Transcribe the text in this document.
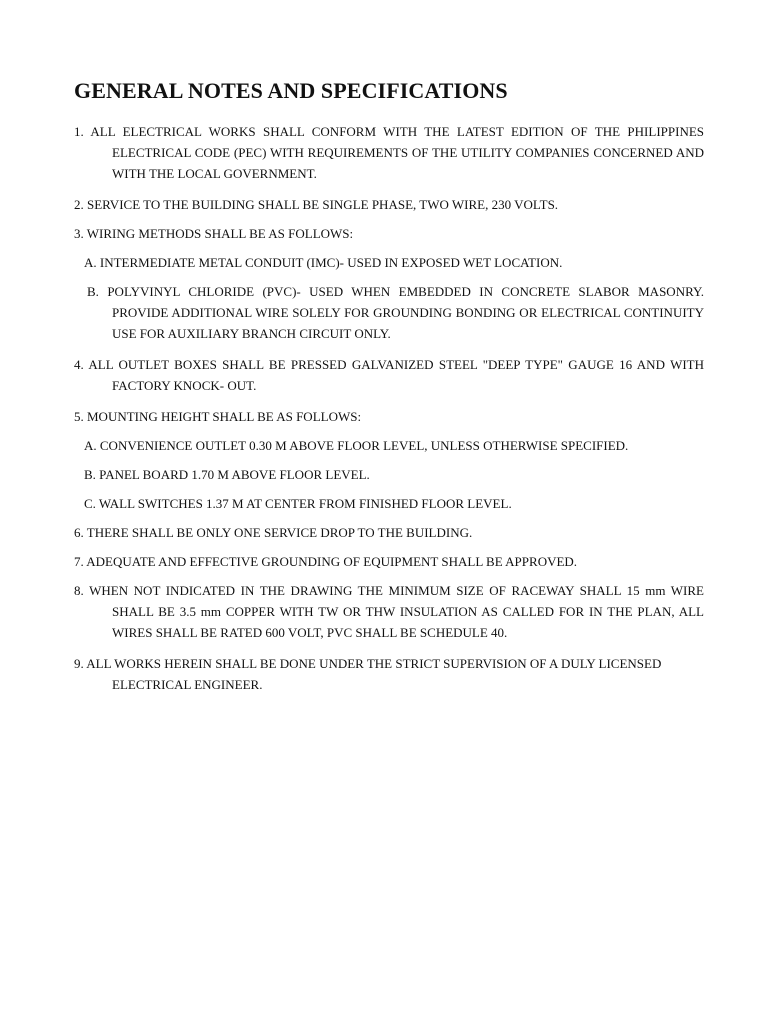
GENERAL NOTES AND SPECIFICATIONS

1. ALL ELECTRICAL WORKS SHALL CONFORM WITH THE LATEST EDITION OF THE PHILIPPINES ELECTRICAL CODE (PEC) WITH REQUIREMENTS OF THE UTILITY COMPANIES CONCERNED AND WITH THE LOCAL GOVERNMENT.

2. SERVICE TO THE BUILDING SHALL BE SINGLE PHASE, TWO WIRE, 230 VOLTS.

3. WIRING METHODS SHALL BE AS FOLLOWS:

A. INTERMEDIATE METAL CONDUIT (IMC)- USED IN EXPOSED WET LOCATION.

B. POLYVINYL CHLORIDE (PVC)- USED WHEN EMBEDDED IN CONCRETE SLABOR MASONRY. PROVIDE ADDITIONAL WIRE SOLELY FOR GROUNDING BONDING OR ELECTRICAL CONTINUITY USE FOR AUXILIARY BRANCH CIRCUIT ONLY.

4. ALL OUTLET BOXES SHALL BE PRESSED GALVANIZED STEEL "DEEP TYPE" GAUGE 16 AND WITH FACTORY KNOCK- OUT.

5. MOUNTING HEIGHT SHALL BE AS FOLLOWS:

A. CONVENIENCE OUTLET 0.30 M ABOVE FLOOR LEVEL, UNLESS OTHERWISE SPECIFIED.

B. PANEL BOARD 1.70 M ABOVE FLOOR LEVEL.

C. WALL SWITCHES 1.37 M AT CENTER FROM FINISHED FLOOR LEVEL.

6. THERE SHALL BE ONLY ONE SERVICE DROP TO THE BUILDING.

7. ADEQUATE AND EFFECTIVE GROUNDING OF EQUIPMENT SHALL BE APPROVED.

8. WHEN NOT INDICATED IN THE DRAWING THE MINIMUM SIZE OF RACEWAY SHALL 15 mm WIRE SHALL BE 3.5 mm COPPER WITH TW OR THW INSULATION AS CALLED FOR IN THE PLAN, ALL WIRES SHALL BE RATED 600 VOLT, PVC SHALL BE SCHEDULE 40.

9. ALL WORKS HEREIN SHALL BE DONE UNDER THE STRICT SUPERVISION OF A DULY LICENSED ELECTRICAL ENGINEER.
